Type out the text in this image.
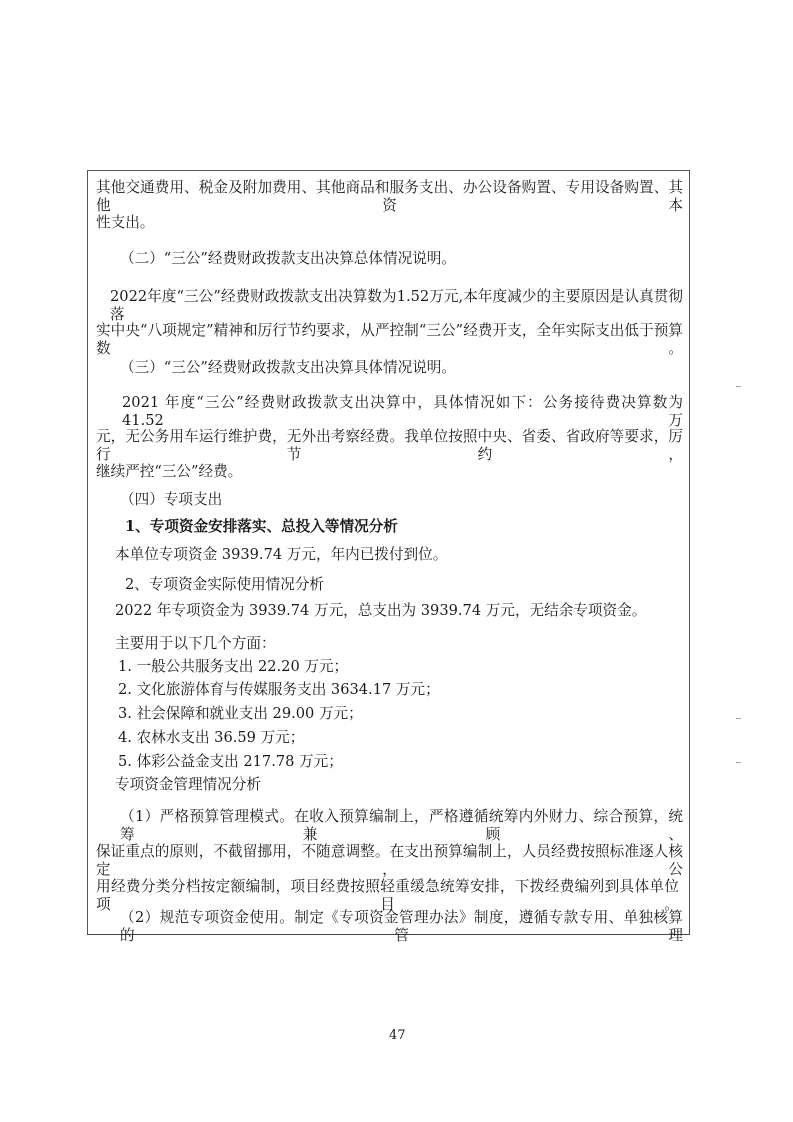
其他交通费用、税金及附加费用、其他商品和服务支出、办公设备购置、专用设备购置、其他资本
性支出。
（二）“三公”经费财政拨款支出决算总体情况说明。
2022年度“三公”经费财政拨款支出决算数为1.52万元,本年度减少的主要原因是认真贯彻落
实中央“八项规定”精神和厉行节约要求，从严控制“三公”经费开支，全年实际支出低于预算数。
（三）“三公”经费财政拨款支出决算具体情况说明。
2021 年度“三公”经费财政拨款支出决算中，具体情况如下：公务接待费决算数为 41.52 万
元，无公务用车运行维护费，无外出考察经费。我单位按照中央、省委、省政府等要求，厉行节约，
继续严控“三公”经费。
（四）专项支出
1、专项资金安排落实、总投入等情况分析
本单位专项资金 3939.74 万元，年内已拨付到位。
2、专项资金实际使用情况分析
2022 年专项资金为 3939.74 万元，总支出为 3939.74 万元，无结余专项资金。
主要用于以下几个方面：
1. 一般公共服务支出 22.20 万元；
2. 文化旅游体育与传媒服务支出 3634.17 万元；
3. 社会保障和就业支出 29.00 万元；
4. 农林水支出 36.59 万元；
5. 体彩公益金支出 217.78 万元；
专项资金管理情况分析
（1）严格预算管理模式。在收入预算编制上，严格遵循统筹内外财力、综合预算，统筹兼顾、
保证重点的原则，不截留挪用，不随意调整。在支出预算编制上，人员经费按照标准逐人核定，公
用经费分类分档按定额编制，项目经费按照轻重缓急统筹安排，下拨经费编列到具体单位项目。
（2）规范专项资金使用。制定《专项资金管理办法》制度，遵循专款专用、单独核算的管理
47
